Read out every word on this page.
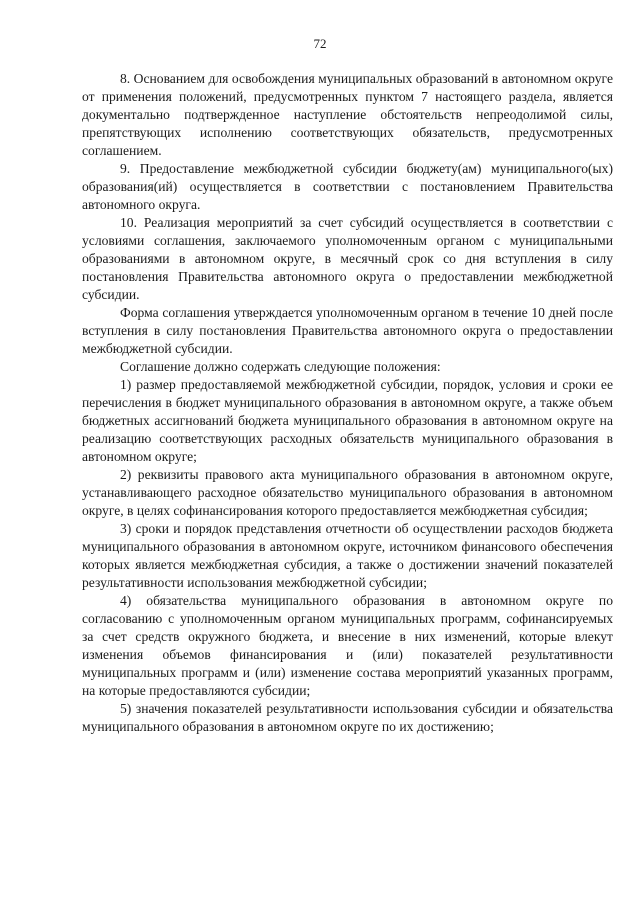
72

8. Основанием для освобождения муниципальных образований в автономном округе от применения положений, предусмотренных пунктом 7 настоящего раздела, является документально подтвержденное наступление обстоятельств непреодолимой силы, препятствующих исполнению соответствующих обязательств, предусмотренных соглашением.

9. Предоставление межбюджетной субсидии бюджету(ам) муниципального(ых) образования(ий) осуществляется в соответствии с постановлением Правительства автономного округа.

10. Реализация мероприятий за счет субсидий осуществляется в соответствии с условиями соглашения, заключаемого уполномоченным органом с муниципальными образованиями в автономном округе, в месячный срок со дня вступления в силу постановления Правительства автономного округа о предоставлении межбюджетной субсидии.

Форма соглашения утверждается уполномоченным органом в течение 10 дней после вступления в силу постановления Правительства автономного округа о предоставлении межбюджетной субсидии.

Соглашение должно содержать следующие положения:

1) размер предоставляемой межбюджетной субсидии, порядок, условия и сроки ее перечисления в бюджет муниципального образования в автономном округе, а также объем бюджетных ассигнований бюджета муниципального образования в автономном округе на реализацию соответствующих расходных обязательств муниципального образования в автономном округе;

2) реквизиты правового акта муниципального образования в автономном округе, устанавливающего расходное обязательство муниципального образования в автономном округе, в целях софинансирования которого предоставляется межбюджетная субсидия;

3) сроки и порядок представления отчетности об осуществлении расходов бюджета муниципального образования в автономном округе, источником финансового обеспечения которых является межбюджетная субсидия, а также о достижении значений показателей результативности использования межбюджетной субсидии;

4) обязательства муниципального образования в автономном округе по согласованию с уполномоченным органом муниципальных программ, софинансируемых за счет средств окружного бюджета, и внесение в них изменений, которые влекут изменения объемов финансирования и (или) показателей результативности муниципальных программ и (или) изменение состава мероприятий указанных программ, на которые предоставляются субсидии;

5) значения показателей результативности использования субсидии и обязательства муниципального образования в автономном округе по их достижению;
